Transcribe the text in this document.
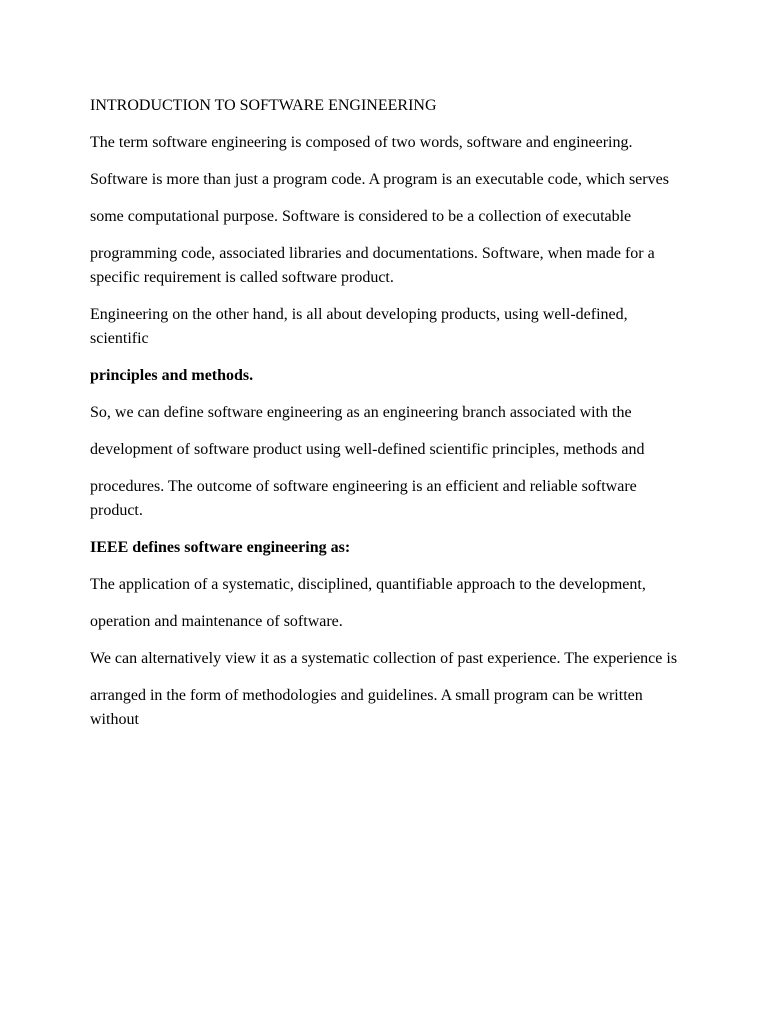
INTRODUCTION TO SOFTWARE ENGINEERING

The term software engineering is composed of two words, software and engineering.

Software is more than just a program code. A program is an executable code, which serves

some computational purpose. Software is considered to be a collection of executable

programming code, associated libraries and documentations. Software, when made for a specific requirement is called software product.

Engineering on the other hand, is all about developing products, using well-defined, scientific

principles and methods.

So, we can define software engineering as an engineering branch associated with the

development of software product using well-defined scientific principles, methods and

procedures. The outcome of software engineering is an efficient and reliable software product.

IEEE defines software engineering as:

The application of a systematic, disciplined, quantifiable approach to the development,

operation and maintenance of software.

We can alternatively view it as a systematic collection of past experience. The experience is

arranged in the form of methodologies and guidelines. A small program can be written without
